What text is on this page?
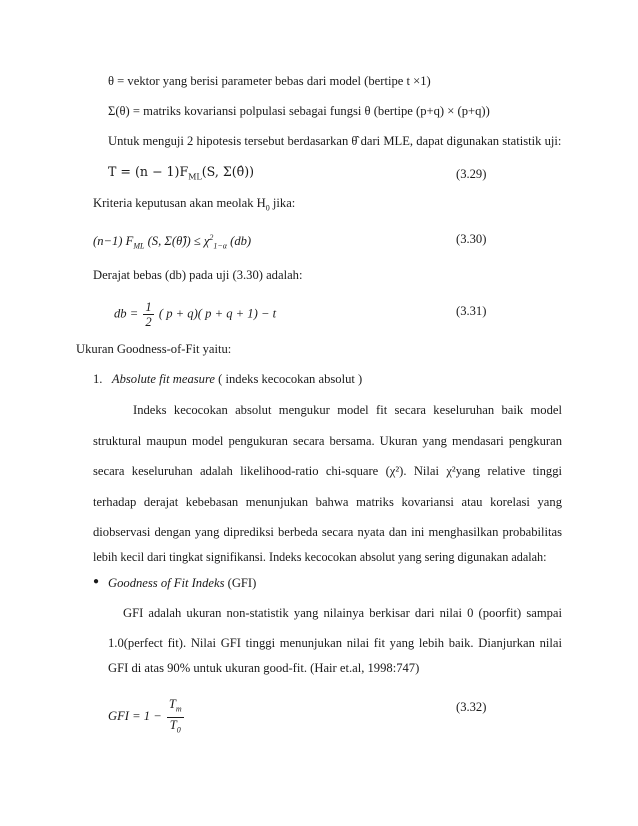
θ = vektor yang berisi parameter bebas dari model (bertipe t ×1)
Σ(θ) = matriks kovariansi polpulasi sebagai fungsi θ (bertipe (p+q) × (p+q))
Untuk menguji 2 hipotesis tersebut berdasarkan θ̂ dari MLE, dapat digunakan statistik uji:
$T = (n - 1)F_{ML}(S$, Σ(θ̂))	(3.29)
Kriteria keputusan akan meolak $H_0$ jika:
(n−1) $F_{ML}$ (S, Σ(θ̂)) ≤ $\chi^2_{1-\alpha}$ (db)	(3.30)
Derajat bebas (db) pada uji (3.30) adalah:
db = $\frac{1}{2}$ ( p + q)( p + q + 1) − t	(3.31)
Ukuran Goodness-of-Fit yaitu:
1. Absolute fit measure ( indeks kecocokan absolut )
Indeks kecocokan absolut mengukur model fit secara keseluruhan baik model
struktural maupun model pengukuran secara bersama. Ukuran yang mendasari pengkuran
secara keseluruhan adalah likelihood-ratio chi-square (χ²). Nilai χ²yang relative tinggi
terhadap derajat kebebasan menunjukan bahwa matriks kovariansi atau korelasi yang
diobservasi dengan yang diprediksi berbeda secara nyata dan ini menghasilkan probabilitas
lebih kecil dari tingkat signifikansi. Indeks kecocokan absolut yang sering digunakan adalah:
● Goodness of Fit Indeks (GFI)
GFI adalah ukuran non-statistik yang nilainya berkisar dari nilai 0 (poorfit) sampai
1.0(perfect fit). Nilai GFI tinggi menunjukan nilai fit yang lebih baik. Dianjurkan nilai
GFI di atas 90% untuk ukuran good-fit. (Hair et.al, 1998:747)
GFI = $1 - \frac{T_m}{T_0}$	(3.32)
